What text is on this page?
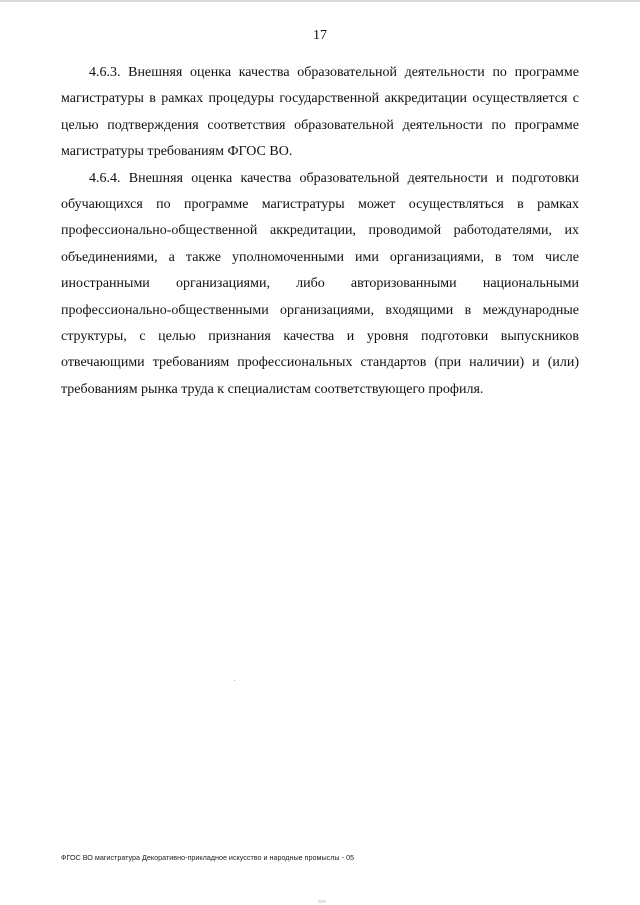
17

4.6.3. Внешняя оценка качества образовательной деятельности по программе магистратуры в рамках процедуры государственной аккредитации осуществляется с целью подтверждения соответствия образовательной деятельности по программе магистратуры требованиям ФГОС ВО.

4.6.4. Внешняя оценка качества образовательной деятельности и подготовки обучающихся по программе магистратуры может осуществляться в рамках профессионально-общественной аккредитации, проводимой работодателями, их объединениями, а также уполномоченными ими организациями, в том числе иностранными организациями, либо авторизованными национальными профессионально-общественными организациями, входящими в международные структуры, с целью признания качества и уровня подготовки выпускников отвечающими требованиям профессиональных стандартов (при наличии) и (или) требованиям рынка труда к специалистам соответствующего профиля.

ФГОС ВО магистратура Декоративно-прикладное искусство и народные промыслы - 05
